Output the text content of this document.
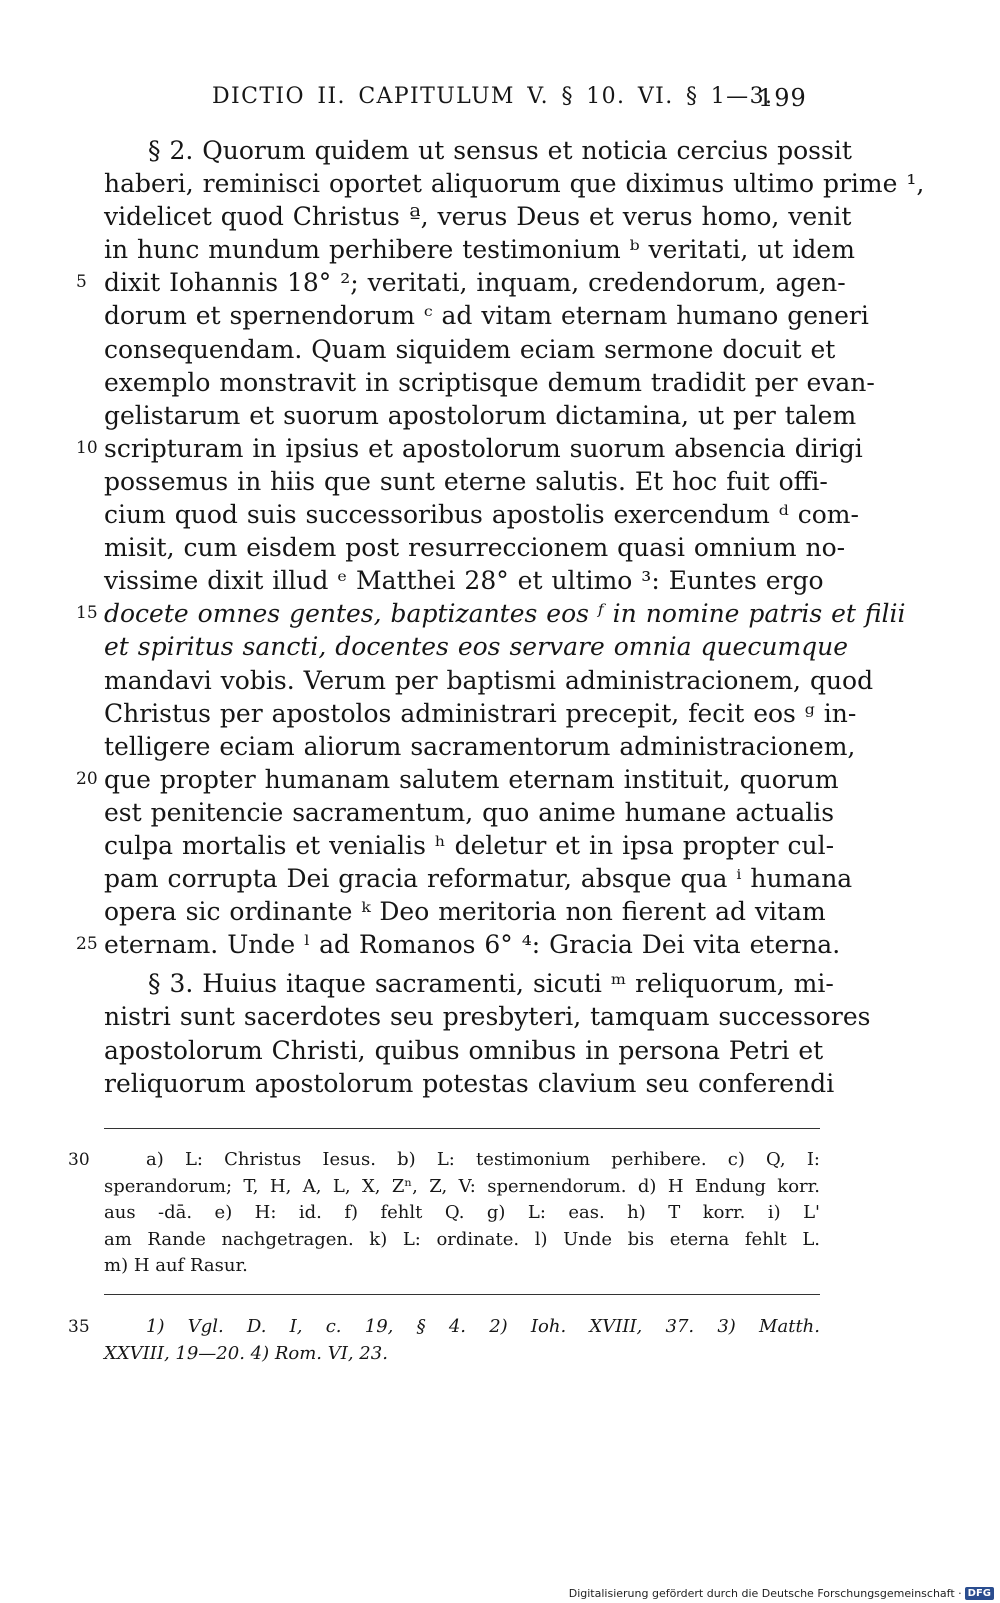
DICTIO II. CAPITULUM V. § 10. VI. § 1—3.
199
§ 2. Quorum quidem ut sensus et noticia cercius possit
haberi, reminisci oportet aliquorum que diximus ultimo prime ¹,
videlicet quod Christus ª, verus Deus et verus homo, venit
in hunc mundum perhibere testimonium ᵇ veritati, ut idem
5 dixit Iohannis 18° ²; veritati, inquam, credendorum, agen-
dorum et spernendorum ᶜ ad vitam eternam humano generi
consequendam. Quam siquidem eciam sermone docuit et
exemplo monstravit in scriptisque demum tradidit per evan-
gelistarum et suorum apostolorum dictamina, ut per talem
10 scripturam in ipsius et apostolorum suorum absencia dirigi
possemus in hiis que sunt eterne salutis. Et hoc fuit offi-
cium quod suis successoribus apostolis exercendum ᵈ com-
misit, cum eisdem post resurreccionem quasi omnium no-
vissime dixit illud ᵉ Matthei 28° et ultimo ³: Euntes ergo
15 docete omnes gentes, baptizantes eos ᶠ in nomine patris et filii
et spiritus sancti, docentes eos servare omnia quecumque
mandavi vobis. Verum per baptismi administracionem, quod
Christus per apostolos administrari precepit, fecit eos ᵍ in-
telligere eciam aliorum sacramentorum administracionem,
20 que propter humanam salutem eternam instituit, quorum
est penitencie sacramentum, quo anime humane actualis
culpa mortalis et venialis ʰ deletur et in ipsa propter cul-
pam corrupta Dei gracia reformatur, absque qua ⁱ humana
opera sic ordinante ᵏ Deo meritoria non fierent ad vitam
25 eternam. Unde ˡ ad Romanos 6° ⁴: Gracia Dei vita eterna.
§ 3. Huius itaque sacramenti, sicuti ᵐ reliquorum, mi-
nistri sunt sacerdotes seu presbyteri, tamquam successores
apostolorum Christi, quibus omnibus in persona Petri et
reliquorum apostolorum potestas clavium seu conferendi
30	a) L: Christus Iesus. b) L: testimonium perhibere. c) Q, I:
sperandorum; T, H, A, L, X, Zⁿ, Z, V: spernendorum. d) H Endung korr.
aus -dā. e) H: id. f) fehlt Q. g) L: eas. h) T korr. i) L'
am Rande nachgetragen. k) L: ordinate. l) Unde bis eterna fehlt L.
m) H auf Rasur.
35	1) Vgl. D. I, c. 19, § 4. 2) Ioh. XVIII, 37. 3) Matth.
XXVIII, 19—20. 4) Rom. VI, 23.
Digitalisierung gefördert durch die Deutsche Forschungsgemeinschaft · DFG
